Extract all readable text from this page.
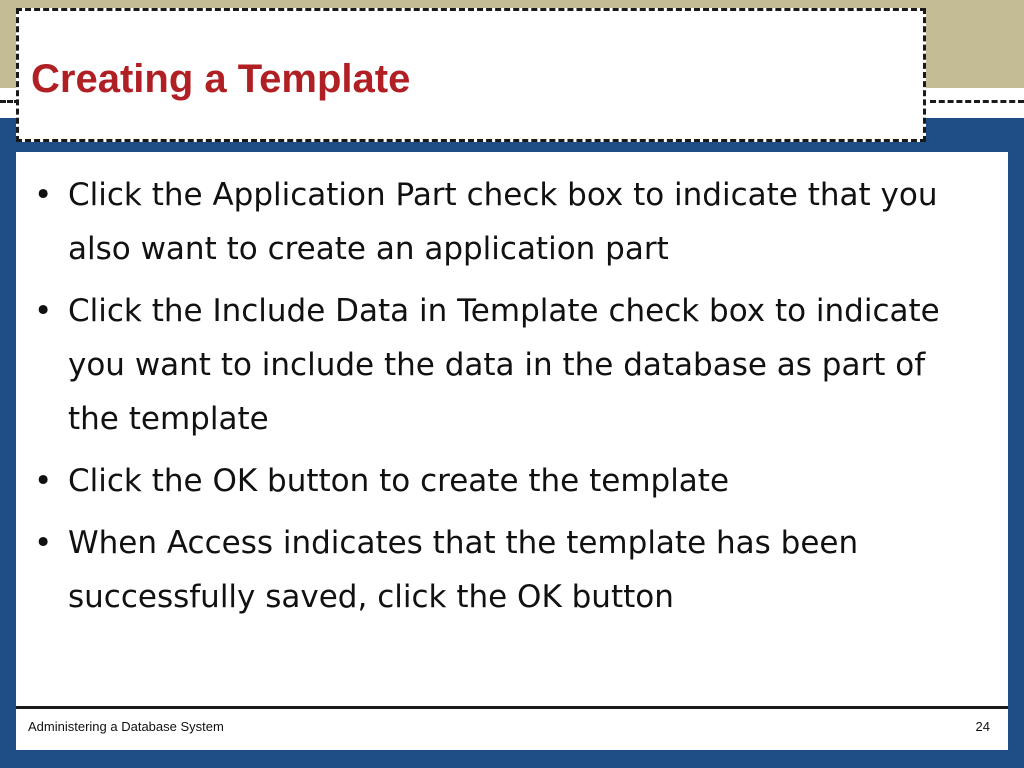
Creating a Template
• Click the Application Part check box to indicate that you also want to create an application part
• Click the Include Data in Template check box to indicate you want to include the data in the database as part of the template
• Click the OK button to create the template
• When Access indicates that the template has been successfully saved, click the OK button
Administering a Database System	24
